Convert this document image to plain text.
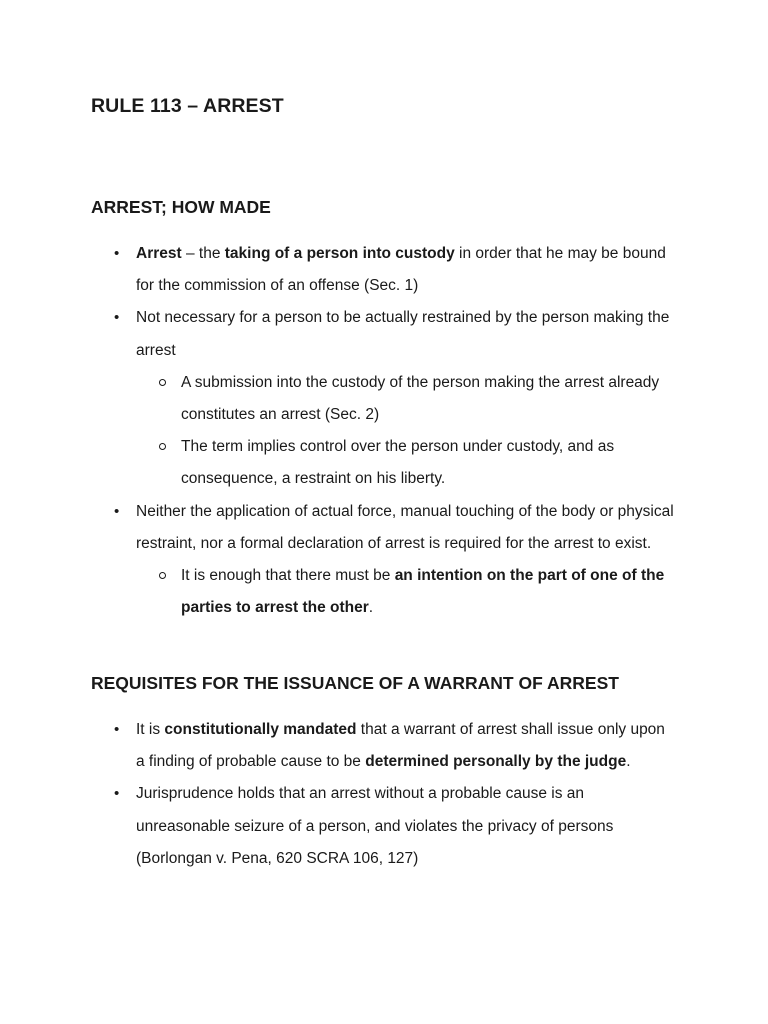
RULE 113 – ARREST
ARREST; HOW MADE
• Arrest – the taking of a person into custody in order that he may be bound for the commission of an offense (Sec. 1)
• Not necessary for a person to be actually restrained by the person making the arrest
A submission into the custody of the person making the arrest already constitutes an arrest (Sec. 2)
The term implies control over the person under custody, and as consequence, a restraint on his liberty.
• Neither the application of actual force, manual touching of the body or physical restraint, nor a formal declaration of arrest is required for the arrest to exist.
It is enough that there must be an intention on the part of one of the parties to arrest the other.
REQUISITES FOR THE ISSUANCE OF A WARRANT OF ARREST
• It is constitutionally mandated that a warrant of arrest shall issue only upon a finding of probable cause to be determined personally by the judge.
• Jurisprudence holds that an arrest without a probable cause is an unreasonable seizure of a person, and violates the privacy of persons (Borlongan v. Pena, 620 SCRA 106, 127)
